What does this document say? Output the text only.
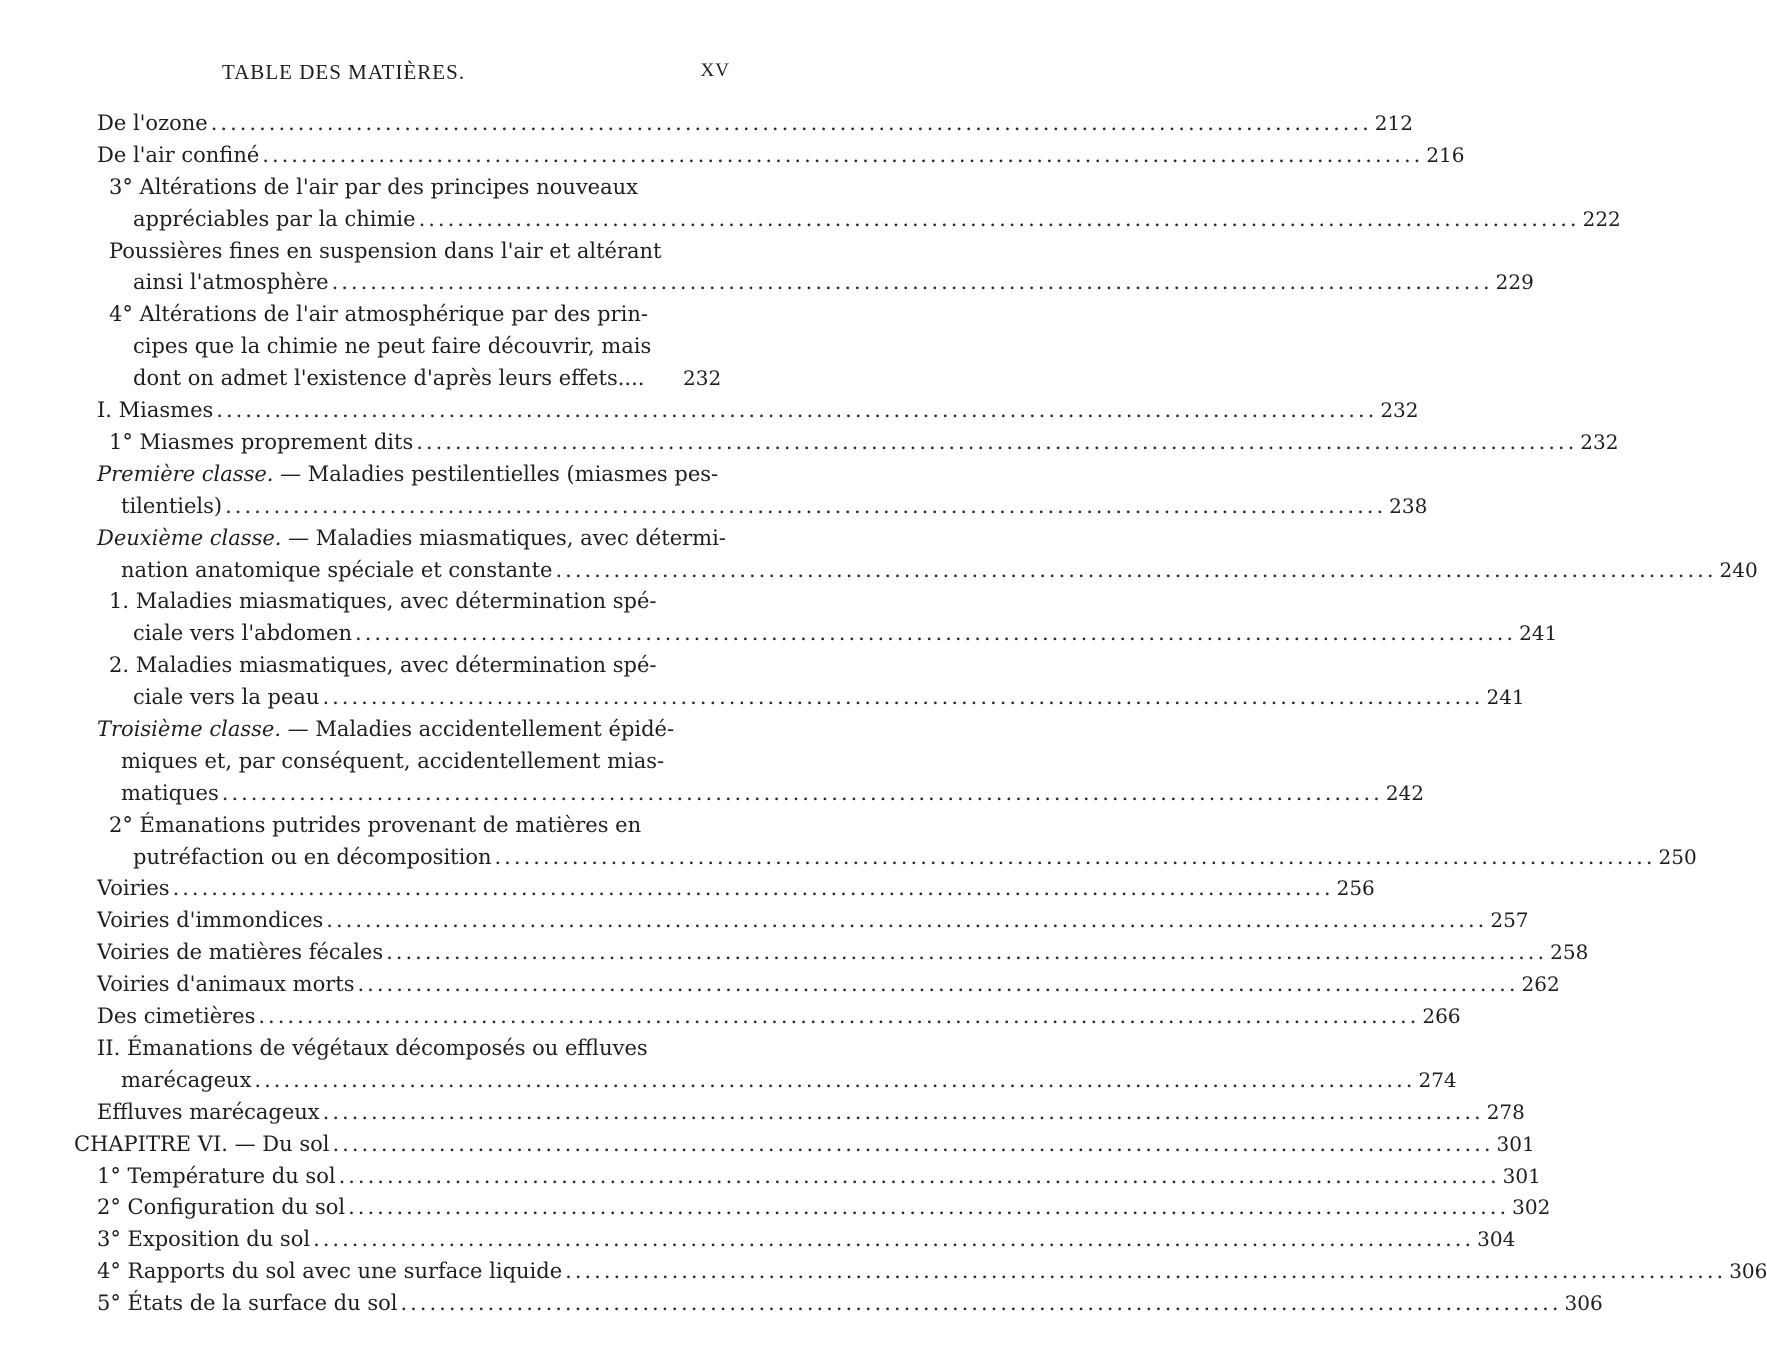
TABLE DES MATIÈRES.	XV
De l'ozone .....	212
De l'air confiné .....	216
3° Altérations de l'air par des principes nouveaux
appréciables par la chimie .....	222
Poussières fines en suspension dans l'air et altérant
ainsi l'atmosphère .....	229
4° Altérations de l'air atmosphérique par des prin-
cipes que la chimie ne peut faire découvrir, mais
dont on admet l'existence d'après leurs effets.... 232
I. Miasmes .....	232
1° Miasmes proprement dits .....	232
Première classe. — Maladies pestilentielles (miasmes pes-
tilentiels) .....	238
Deuxième classe. — Maladies miasmatiques, avec détermi-
nation anatomique spéciale et constante .....	240
1. Maladies miasmatiques, avec détermination spé-
ciale vers l'abdomen .....	241
2. Maladies miasmatiques, avec détermination spé-
ciale vers la peau .....	241
Troisième classe. — Maladies accidentellement épidé-
miques et, par conséquent, accidentellement mias-
matiques .....	242
2° Émanations putrides provenant de matières en
putréfaction ou en décomposition .....	250
Voiries .....	256
Voiries d'immondices .....	257
Voiries de matières fécales .....	258
Voiries d'animaux morts .....	262
Des cimetières .....	266
II. Émanations de végétaux décomposés ou effluves
marécageux .....	274
Effluves marécageux .....	278
CHAPITRE VI. — Du sol .....	301
1° Température du sol .....	301
2° Configuration du sol .....	302
3° Exposition du sol .....	304
4° Rapports du sol avec une surface liquide .....	306
5° États de la surface du sol .....	306
